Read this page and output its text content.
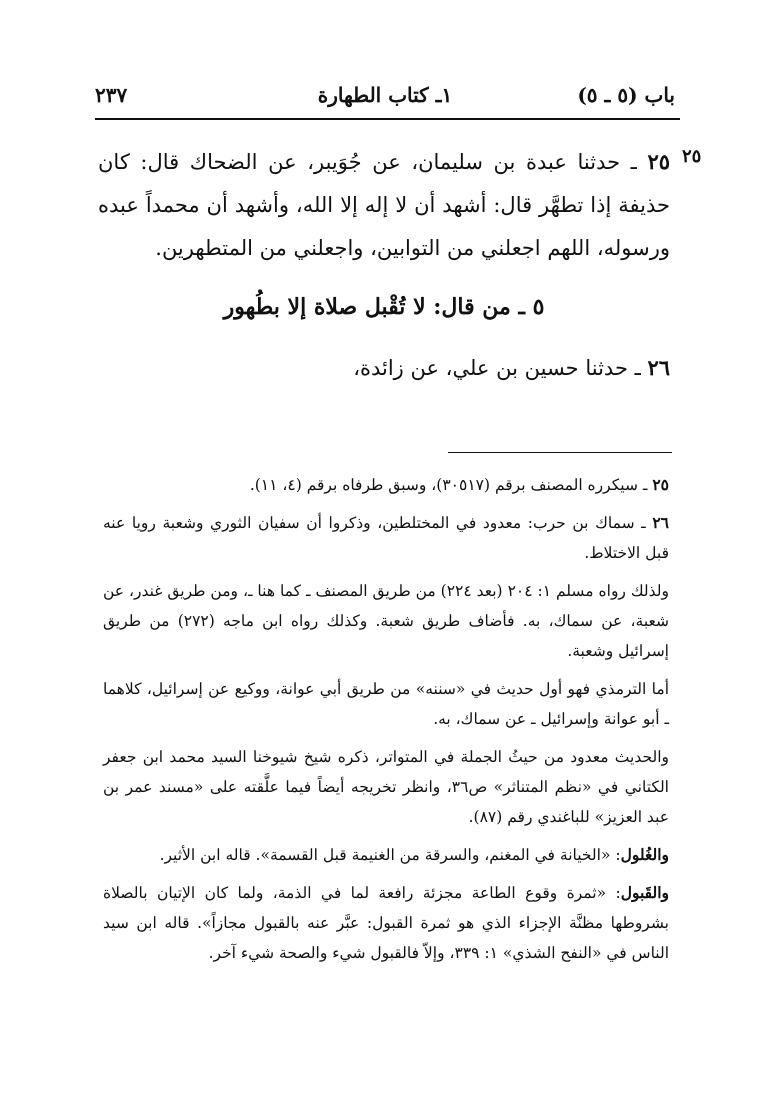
٢٣٧	١ـ كتاب الطهارة	باب (٥ ـ ٥)
٢٥

٢٥ ـ حدثنا عبدة بن سليمان، عن جُوَيبر، عن الضحاك قال: كان حذيفة إذا تطهَّر قال: أشهد أن لا إله إلا الله، وأشهد أن محمداً عبده ورسوله، اللهم اجعلني من التوابين، واجعلني من المتطهرين.

٥ ـ من قال: لا تُقْبل صلاة إلا بطُهور
٢٦ ـ حدثنا حسين بن علي، عن زائدة،

٢٥ ـ سيكرره المصنف برقم (٣٠٥١٧)، وسبق طرفاه برقم (٤، ١١).

٢٦ ـ سماك بن حرب: معدود في المختلطين، وذكروا أن سفيان الثوري وشعبة رويا عنه قبل الاختلاط.

ولذلك رواه مسلم ١: ٢٠٤ (بعد ٢٢٤) من طريق المصنف ـ كما هنا ـ، ومن طريق غندر، عن شعبة، عن سماك، به. فأضاف طريق شعبة. وكذلك رواه ابن ماجه (٢٧٢) من طريق إسرائيل وشعبة.

أما الترمذي فهو أول حديث في «سننه» من طريق أبي عوانة، ووكيع عن إسرائيل، كلاهما ـ أبو عوانة وإسرائيل ـ عن سماك، به.

والحديث معدود من حيثُ الجملة في المتواتر، ذكره شيخ شيوخنا السيد محمد ابن جعفر الكتاني في «نظم المتناثر» ص٣٦، وانظر تخريجه أيضاً فيما علَّقته على «مسند عمر بن عبد العزيز» للباغندي رقم (٨٧).

والغُلول: «الخيانة في المغنم، والسرقة من الغنيمة قبل القسمة». قاله ابن الأثير.

والقَبول: «ثمرة وقوع الطاعة مجزئة رافعة لما في الذمة، ولما كان الإتيان بالصلاة بشروطها مظنَّة الإجزاء الذي هو ثمرة القبول: عبَّر عنه بالقبول مجازاً». قاله ابن سيد الناس في «النفح الشذي» ١: ٣٣٩، وإلاّ فالقبول شيء والصحة شيء آخر.
